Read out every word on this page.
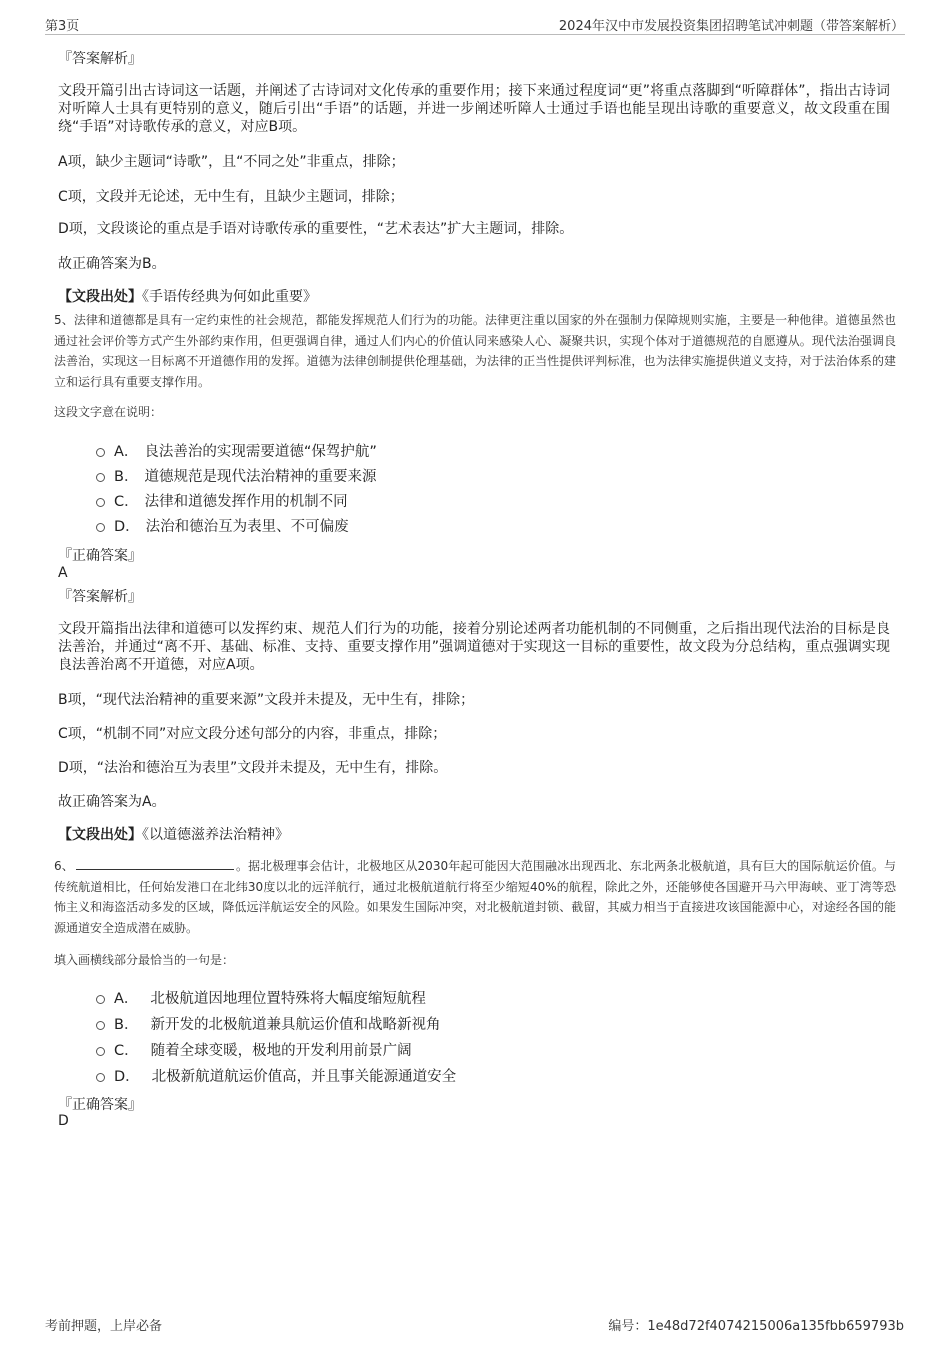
第3页	2024年汉中市发展投资集团招聘笔试冲刺题（带答案解析）
『答案解析』
文段开篇引出古诗词这一话题，并阐述了古诗词对文化传承的重要作用；接下来通过程度词“更”将重点落脚到“听障群体”，指出古诗词对听障人士具有更特别的意义，随后引出“手语”的话题，并进一步阐述听障人士通过手语也能呈现出诗歌的重要意义，故文段重在围绕“手语”对诗歌传承的意义，对应B项。
A项，缺少主题词“诗歌”，且“不同之处”非重点，排除；
C项，文段并无论述，无中生有，且缺少主题词，排除；
D项，文段谈论的重点是手语对诗歌传承的重要性，“艺术表达”扩大主题词，排除。
故正确答案为B。
【文段出处】《手语传经典为何如此重要》
5、法律和道德都是具有一定约束性的社会规范，都能发挥规范人们行为的功能。法律更注重以国家的外在强制力保障规则实施，主要是一种他律。道德虽然也通过社会评价等方式产生外部约束作用，但更强调自律，通过人们内心的价值认同来感染人心、凝聚共识，实现个体对于道德规范的自愿遵从。现代法治强调良法善治，实现这一目标离不开道德作用的发挥。道德为法律创制提供伦理基础，为法律的正当性提供评判标准，也为法律实施提供道义支持，对于法治体系的建立和运行具有重要支撑作用。
这段文字意在说明：
A． 良法善治的实现需要道德“保驾护航”
B． 道德规范是现代法治精神的重要来源
C． 法律和道德发挥作用的机制不同
D． 法治和德治互为表里、不可偏废
『正确答案』
A
『答案解析』
文段开篇指出法律和道德可以发挥约束、规范人们行为的功能，接着分别论述两者功能机制的不同侧重，之后指出现代法治的目标是良法善治，并通过“离不开、基础、标准、支持、重要支撑作用”强调道德对于实现这一目标的重要性，故文段为分总结构，重点强调实现良法善治离不开道德，对应A项。
B项，“现代法治精神的重要来源”文段并未提及，无中生有，排除；
C项，“机制不同”对应文段分述句部分的内容，非重点，排除；
D项，“法治和德治互为表里”文段并未提及，无中生有，排除。
故正确答案为A。
【文段出处】《以道德滋养法治精神》
6、	。据北极理事会估计，北极地区从2030年起可能因大范围融冰出现西北、东北两条北极航道，具有巨大的国际航运价值。与传统航道相比，任何始发港口在北纬30度以北的远洋航行，通过北极航道航行将至少缩短40%的航程，除此之外，还能够使各国避开马六甲海峡、亚丁湾等恐怖主义和海盗活动多发的区域，降低远洋航运安全的风险。如果发生国际冲突，对北极航道封锁、截留，其威力相当于直接进攻该国能源中心，对途经各国的能源通道安全造成潜在威胁。
填入画横线部分最恰当的一句是：
A． 北极航道因地理位置特殊将大幅度缩短航程
B． 新开发的北极航道兼具航运价值和战略新视角
C． 随着全球变暖，极地的开发利用前景广阔
D． 北极新航道航运价值高，并且事关能源通道安全
『正确答案』
D
考前押题，上岸必备	编号：1e48d72f4074215006a135fbb659793b
